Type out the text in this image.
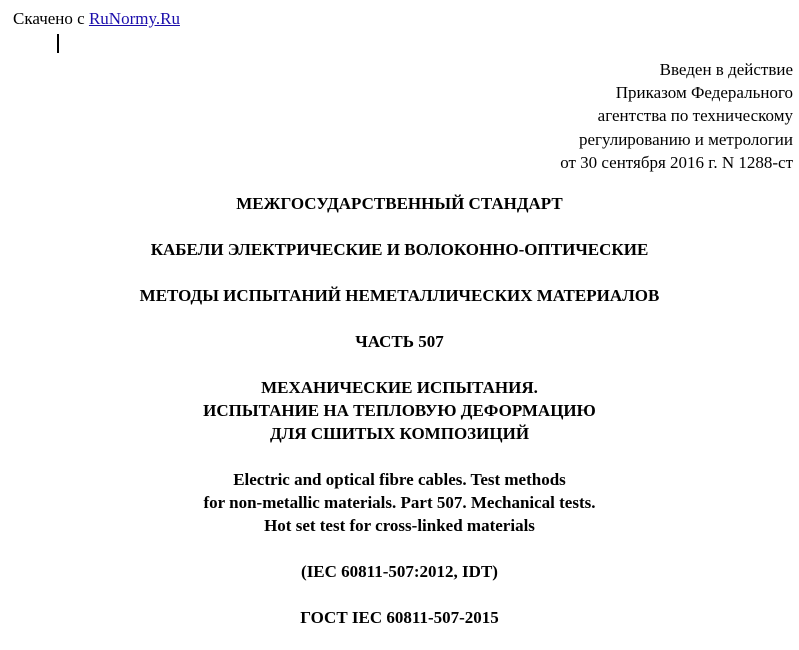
Скачено с RuNormy.Ru
Введен в действие
Приказом Федерального
агентства по техническому
регулированию и метрологии
от 30 сентября 2016 г. N 1288-ст
МЕЖГОСУДАРСТВЕННЫЙ СТАНДАРТ
КАБЕЛИ ЭЛЕКТРИЧЕСКИЕ И ВОЛОКОННО-ОПТИЧЕСКИЕ
МЕТОДЫ ИСПЫТАНИЙ НЕМЕТАЛЛИЧЕСКИХ МАТЕРИАЛОВ
ЧАСТЬ 507
МЕХАНИЧЕСКИЕ ИСПЫТАНИЯ.
ИСПЫТАНИЕ НА ТЕПЛОВУЮ ДЕФОРМАЦИЮ
ДЛЯ СШИТЫХ КОМПОЗИЦИЙ
Electric and optical fibre cables. Test methods
for non-metallic materials. Part 507. Mechanical tests.
Hot set test for cross-linked materials
(IEC 60811-507:2012, IDT)
ГОСТ IEC 60811-507-2015
